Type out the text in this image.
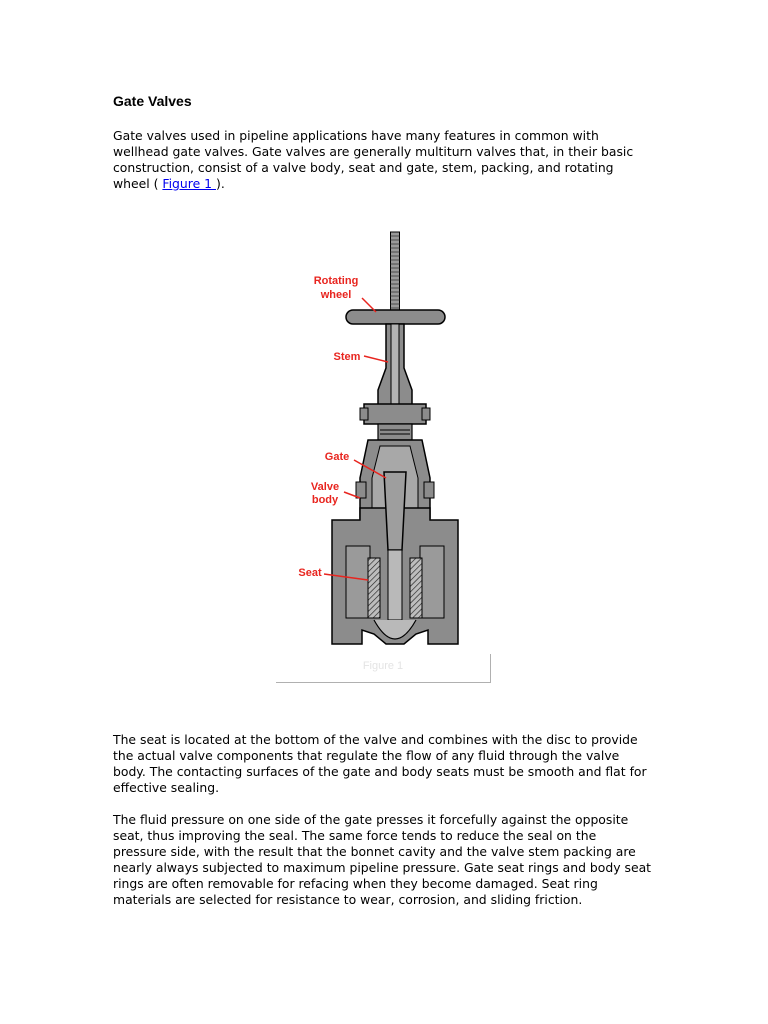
Gate Valves

Gate valves used in pipeline applications have many features in common with wellhead gate valves. Gate valves are generally multiturn valves that, in their basic construction, consist of a valve body, seat and gate, stem, packing, and rotating wheel ( Figure 1 ).

The seat is located at the bottom of the valve and combines with the disc to provide the actual valve components that regulate the flow of any fluid through the valve body. The contacting surfaces of the gate and body seats must be smooth and flat for effective sealing.

The fluid pressure on one side of the gate presses it forcefully against the opposite seat, thus improving the seal. The same force tends to reduce the seal on the pressure side, with the result that the bonnet cavity and the valve stem packing are nearly always subjected to maximum pipeline pressure. Gate seat rings and body seat rings are often removable for refacing when they become damaged. Seat ring materials are selected for resistance to wear, corrosion, and sliding friction.

Rotating
wheel
Stem
Gate
Valve
body
Seat
Figure 1
